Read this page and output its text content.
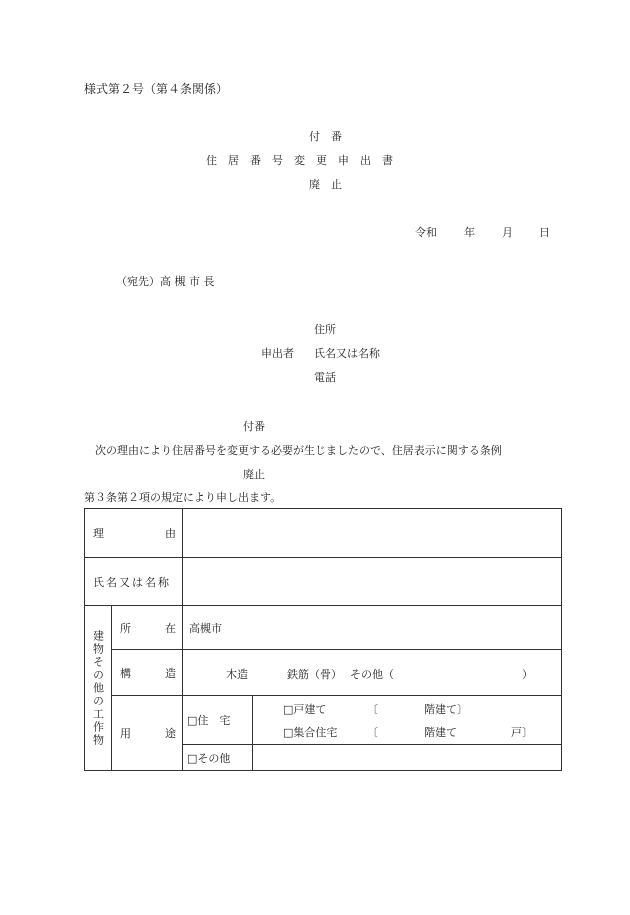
様式第２号（第４条関係）
付　番
住　居　番　号　変　更　申　出　書
廃　止
令和 年 月 日
（宛先）高 槻 市 長
住所
申出者 氏名又は名称
電話
付番
次の理由により住居番号を変更する必要が生じましたので、住居表示に関する条例
廃止
第３条第２項の規定により申し出ます。
理 由			

氏名又は名称			

建物その他の工作物	所 在	高槻市	

	構 造	木造 鉄筋（骨） その他（ ）	

	用 途	□住　宅	□戸建て 〔 階建て〕

			□集合住宅 〔 階建て 戸〕

		□その他	
